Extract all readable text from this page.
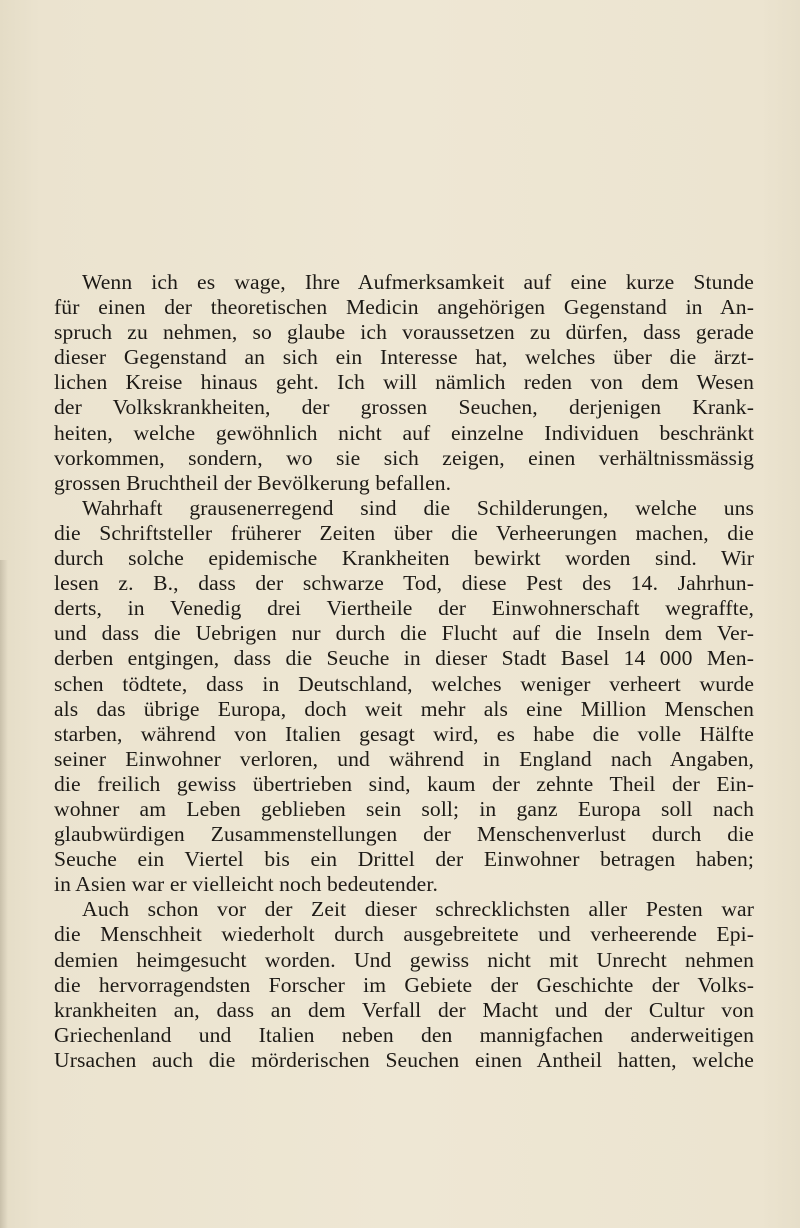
Wenn ich es wage, Ihre Aufmerksamkeit auf eine kurze Stunde
für einen der theoretischen Medicin angehörigen Gegenstand in An-
spruch zu nehmen, so glaube ich voraussetzen zu dürfen, dass gerade
dieser Gegenstand an sich ein Interesse hat, welches über die ärzt-
lichen Kreise hinaus geht. Ich will nämlich reden von dem Wesen
der Volkskrankheiten, der grossen Seuchen, derjenigen Krank-
heiten, welche gewöhnlich nicht auf einzelne Individuen beschränkt
vorkommen, sondern, wo sie sich zeigen, einen verhältnissmässig
grossen Bruchtheil der Bevölkerung befallen.
Wahrhaft grausenerregend sind die Schilderungen, welche uns
die Schriftsteller früherer Zeiten über die Verheerungen machen, die
durch solche epidemische Krankheiten bewirkt worden sind. Wir
lesen z. B., dass der schwarze Tod, diese Pest des 14. Jahrhun-
derts, in Venedig drei Viertheile der Einwohnerschaft wegraffte,
und dass die Uebrigen nur durch die Flucht auf die Inseln dem Ver-
derben entgingen, dass die Seuche in dieser Stadt Basel 14 000 Men-
schen tödtete, dass in Deutschland, welches weniger verheert wurde
als das übrige Europa, doch weit mehr als eine Million Menschen
starben, während von Italien gesagt wird, es habe die volle Hälfte
seiner Einwohner verloren, und während in England nach Angaben,
die freilich gewiss übertrieben sind, kaum der zehnte Theil der Ein-
wohner am Leben geblieben sein soll; in ganz Europa soll nach
glaubwürdigen Zusammenstellungen der Menschenverlust durch die
Seuche ein Viertel bis ein Drittel der Einwohner betragen haben;
in Asien war er vielleicht noch bedeutender.
Auch schon vor der Zeit dieser schrecklichsten aller Pesten war
die Menschheit wiederholt durch ausgebreitete und verheerende Epi-
demien heimgesucht worden. Und gewiss nicht mit Unrecht nehmen
die hervorragendsten Forscher im Gebiete der Geschichte der Volks-
krankheiten an, dass an dem Verfall der Macht und der Cultur von
Griechenland und Italien neben den mannigfachen anderweitigen
Ursachen auch die mörderischen Seuchen einen Antheil hatten, welche
